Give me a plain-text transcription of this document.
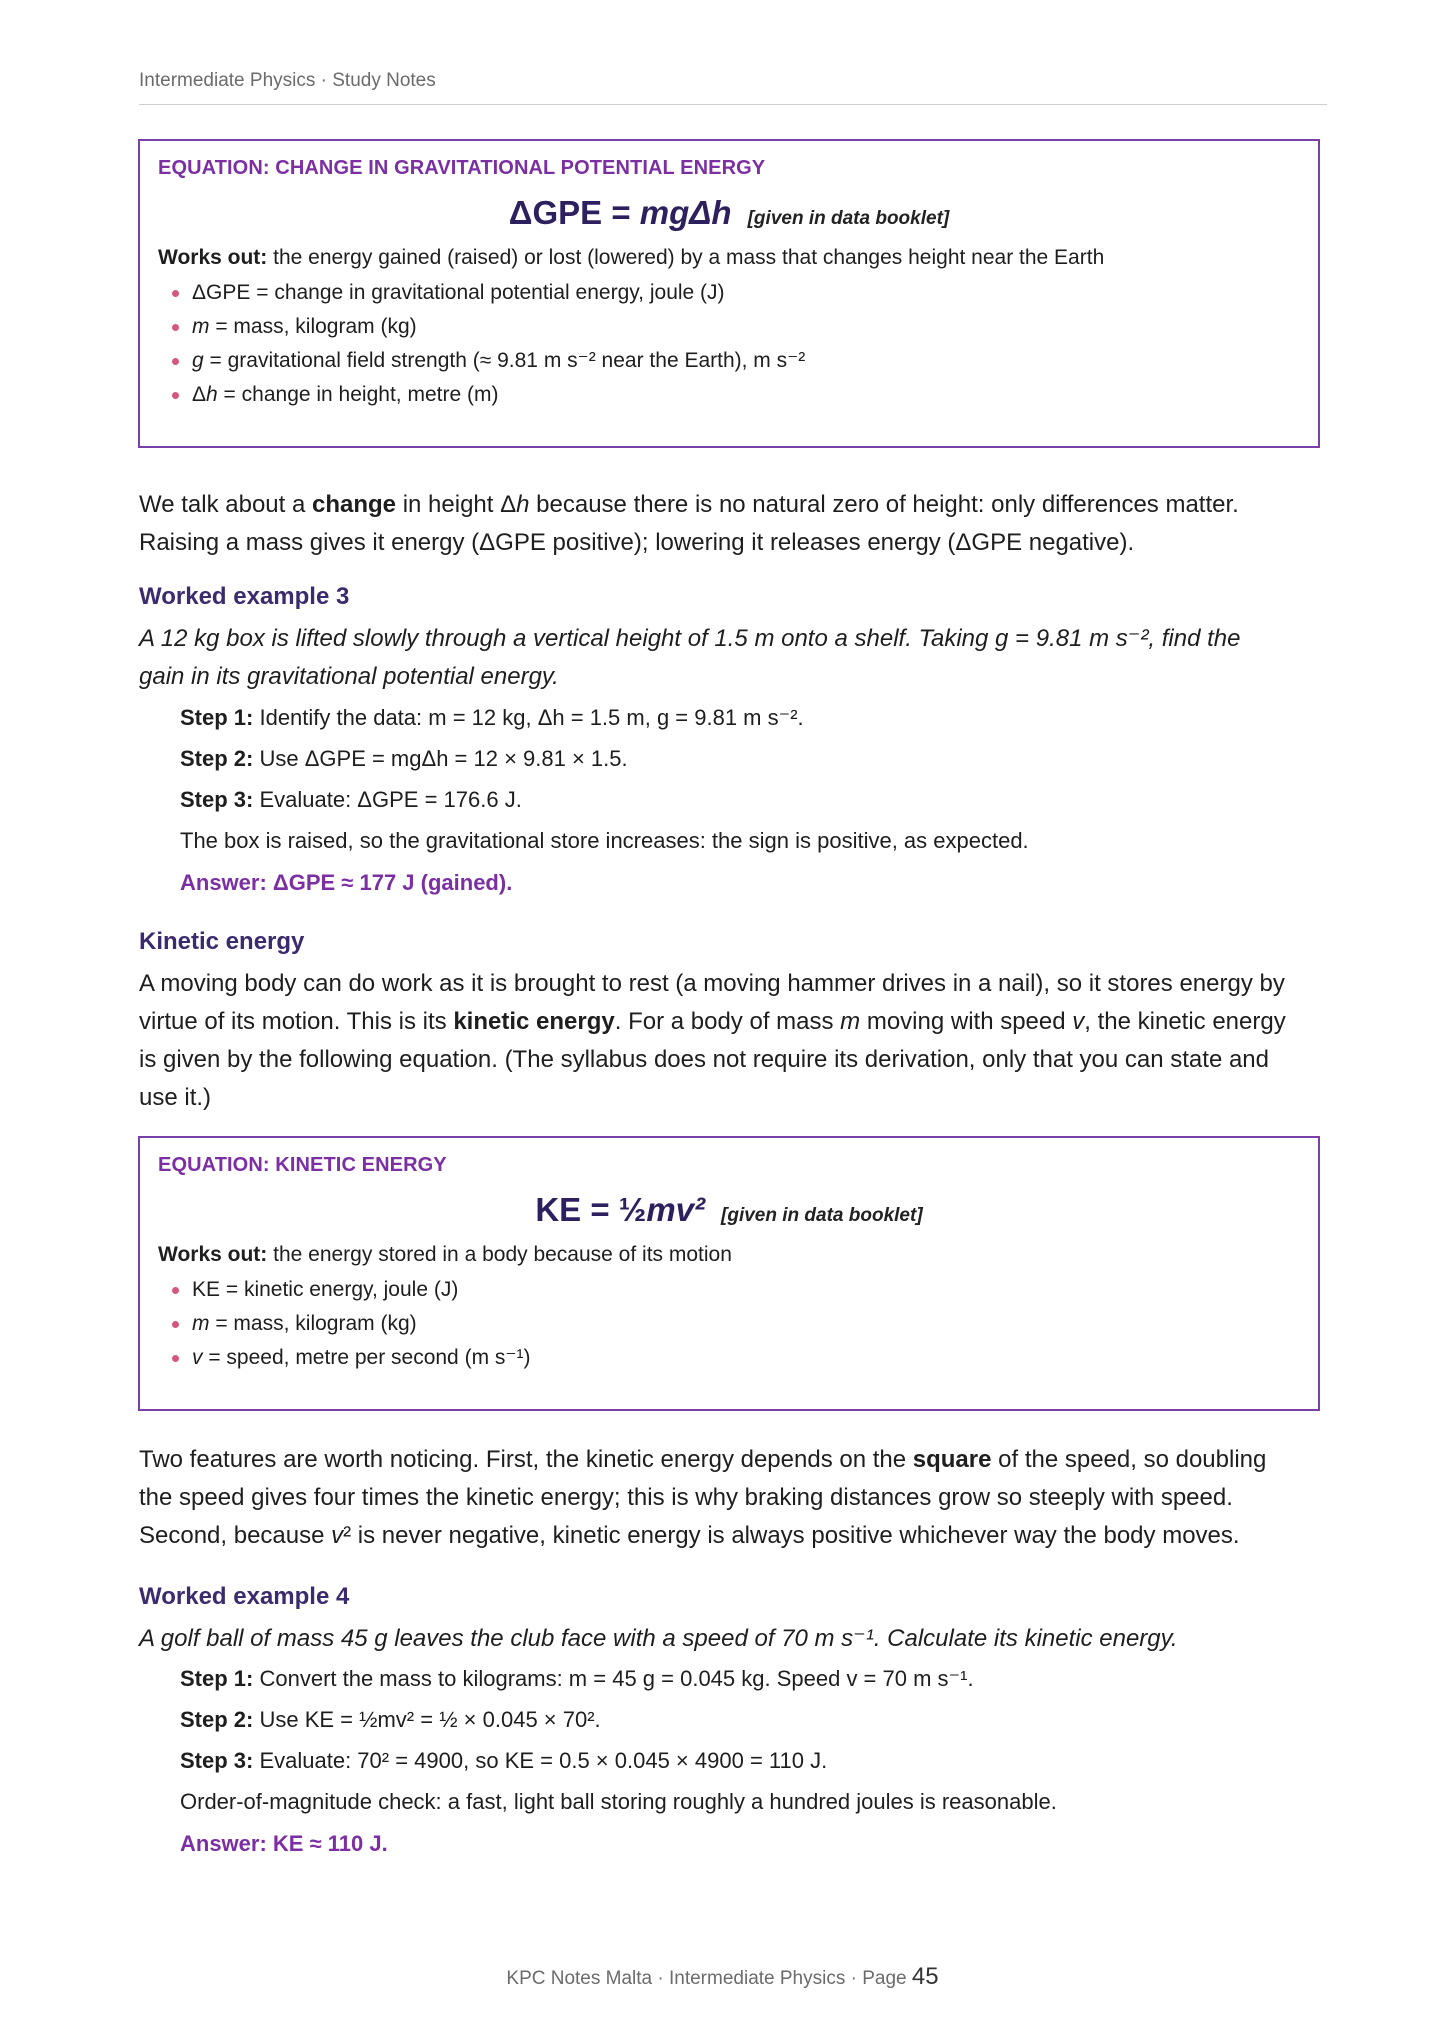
Intermediate Physics · Study Notes
EQUATION: CHANGE IN GRAVITATIONAL POTENTIAL ENERGY
ΔGPE = mgΔh [given in data booklet]
Works out: the energy gained (raised) or lost (lowered) by a mass that changes height near the Earth
ΔGPE = change in gravitational potential energy, joule (J)
m = mass, kilogram (kg)
g = gravitational field strength (≈ 9.81 m s⁻² near the Earth), m s⁻²
Δh = change in height, metre (m)
We talk about a change in height Δh because there is no natural zero of height: only differences matter.
Raising a mass gives it energy (ΔGPE positive); lowering it releases energy (ΔGPE negative).
Worked example 3
A 12 kg box is lifted slowly through a vertical height of 1.5 m onto a shelf. Taking g = 9.81 m s⁻², find the
gain in its gravitational potential energy.
Step 1: Identify the data: m = 12 kg, Δh = 1.5 m, g = 9.81 m s⁻².
Step 2: Use ΔGPE = mgΔh = 12 × 9.81 × 1.5.
Step 3: Evaluate: ΔGPE = 176.6 J.
The box is raised, so the gravitational store increases: the sign is positive, as expected.
Answer: ΔGPE ≈ 177 J (gained).
Kinetic energy
A moving body can do work as it is brought to rest (a moving hammer drives in a nail), so it stores energy by
virtue of its motion. This is its kinetic energy. For a body of mass m moving with speed v, the kinetic energy
is given by the following equation. (The syllabus does not require its derivation, only that you can state and
use it.)
EQUATION: KINETIC ENERGY
KE = ½mv² [given in data booklet]
Works out: the energy stored in a body because of its motion
KE = kinetic energy, joule (J)
m = mass, kilogram (kg)
v = speed, metre per second (m s⁻¹)
Two features are worth noticing. First, the kinetic energy depends on the square of the speed, so doubling
the speed gives four times the kinetic energy; this is why braking distances grow so steeply with speed.
Second, because v² is never negative, kinetic energy is always positive whichever way the body moves.
Worked example 4
A golf ball of mass 45 g leaves the club face with a speed of 70 m s⁻¹. Calculate its kinetic energy.
Step 1: Convert the mass to kilograms: m = 45 g = 0.045 kg. Speed v = 70 m s⁻¹.
Step 2: Use KE = ½mv² = ½ × 0.045 × 70².
Step 3: Evaluate: 70² = 4900, so KE = 0.5 × 0.045 × 4900 = 110 J.
Order-of-magnitude check: a fast, light ball storing roughly a hundred joules is reasonable.
Answer: KE ≈ 110 J.
KPC Notes Malta · Intermediate Physics · Page 45
